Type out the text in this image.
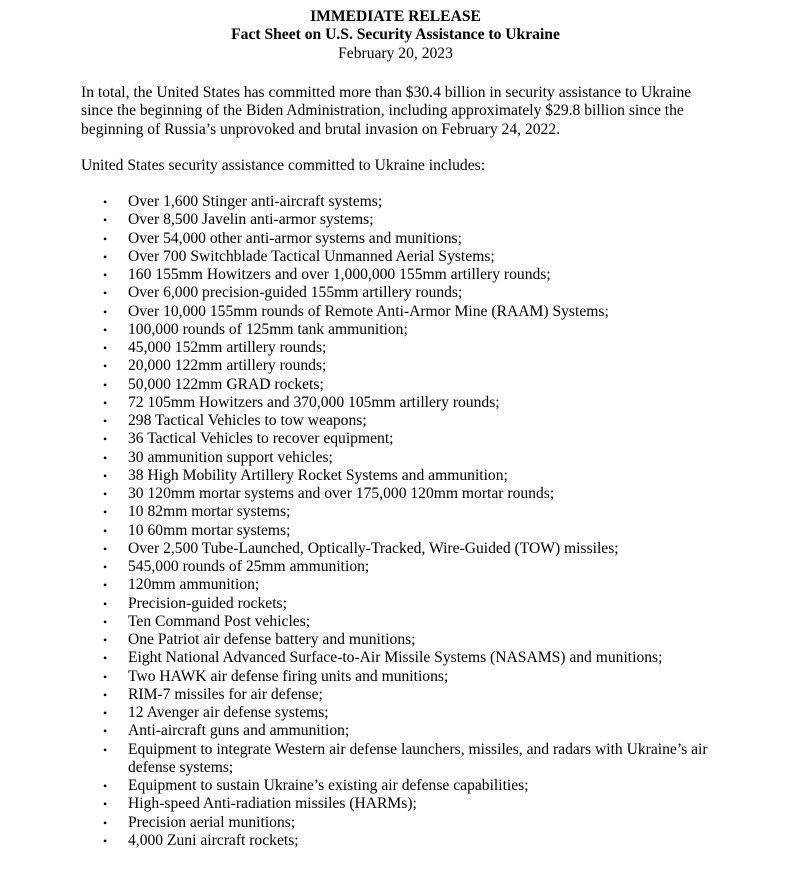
IMMEDIATE RELEASE
Fact Sheet on U.S. Security Assistance to Ukraine
February 20, 2023

In total, the United States has committed more than $30.4 billion in security assistance to Ukraine since the beginning of the Biden Administration, including approximately $29.8 billion since the beginning of Russia’s unprovoked and brutal invasion on February 24, 2022.

United States security assistance committed to Ukraine includes:

• Over 1,600 Stinger anti-aircraft systems;
• Over 8,500 Javelin anti-armor systems;
• Over 54,000 other anti-armor systems and munitions;
• Over 700 Switchblade Tactical Unmanned Aerial Systems;
• 160 155mm Howitzers and over 1,000,000 155mm artillery rounds;
• Over 6,000 precision-guided 155mm artillery rounds;
• Over 10,000 155mm rounds of Remote Anti-Armor Mine (RAAM) Systems;
• 100,000 rounds of 125mm tank ammunition;
• 45,000 152mm artillery rounds;
• 20,000 122mm artillery rounds;
• 50,000 122mm GRAD rockets;
• 72 105mm Howitzers and 370,000 105mm artillery rounds;
• 298 Tactical Vehicles to tow weapons;
• 36 Tactical Vehicles to recover equipment;
• 30 ammunition support vehicles;
• 38 High Mobility Artillery Rocket Systems and ammunition;
• 30 120mm mortar systems and over 175,000 120mm mortar rounds;
• 10 82mm mortar systems;
• 10 60mm mortar systems;
• Over 2,500 Tube-Launched, Optically-Tracked, Wire-Guided (TOW) missiles;
• 545,000 rounds of 25mm ammunition;
• 120mm ammunition;
• Precision-guided rockets;
• Ten Command Post vehicles;
• One Patriot air defense battery and munitions;
• Eight National Advanced Surface-to-Air Missile Systems (NASAMS) and munitions;
• Two HAWK air defense firing units and munitions;
• RIM-7 missiles for air defense;
• 12 Avenger air defense systems;
• Anti-aircraft guns and ammunition;
• Equipment to integrate Western air defense launchers, missiles, and radars with Ukraine’s air defense systems;
• Equipment to sustain Ukraine’s existing air defense capabilities;
• High-speed Anti-radiation missiles (HARMs);
• Precision aerial munitions;
• 4,000 Zuni aircraft rockets;
